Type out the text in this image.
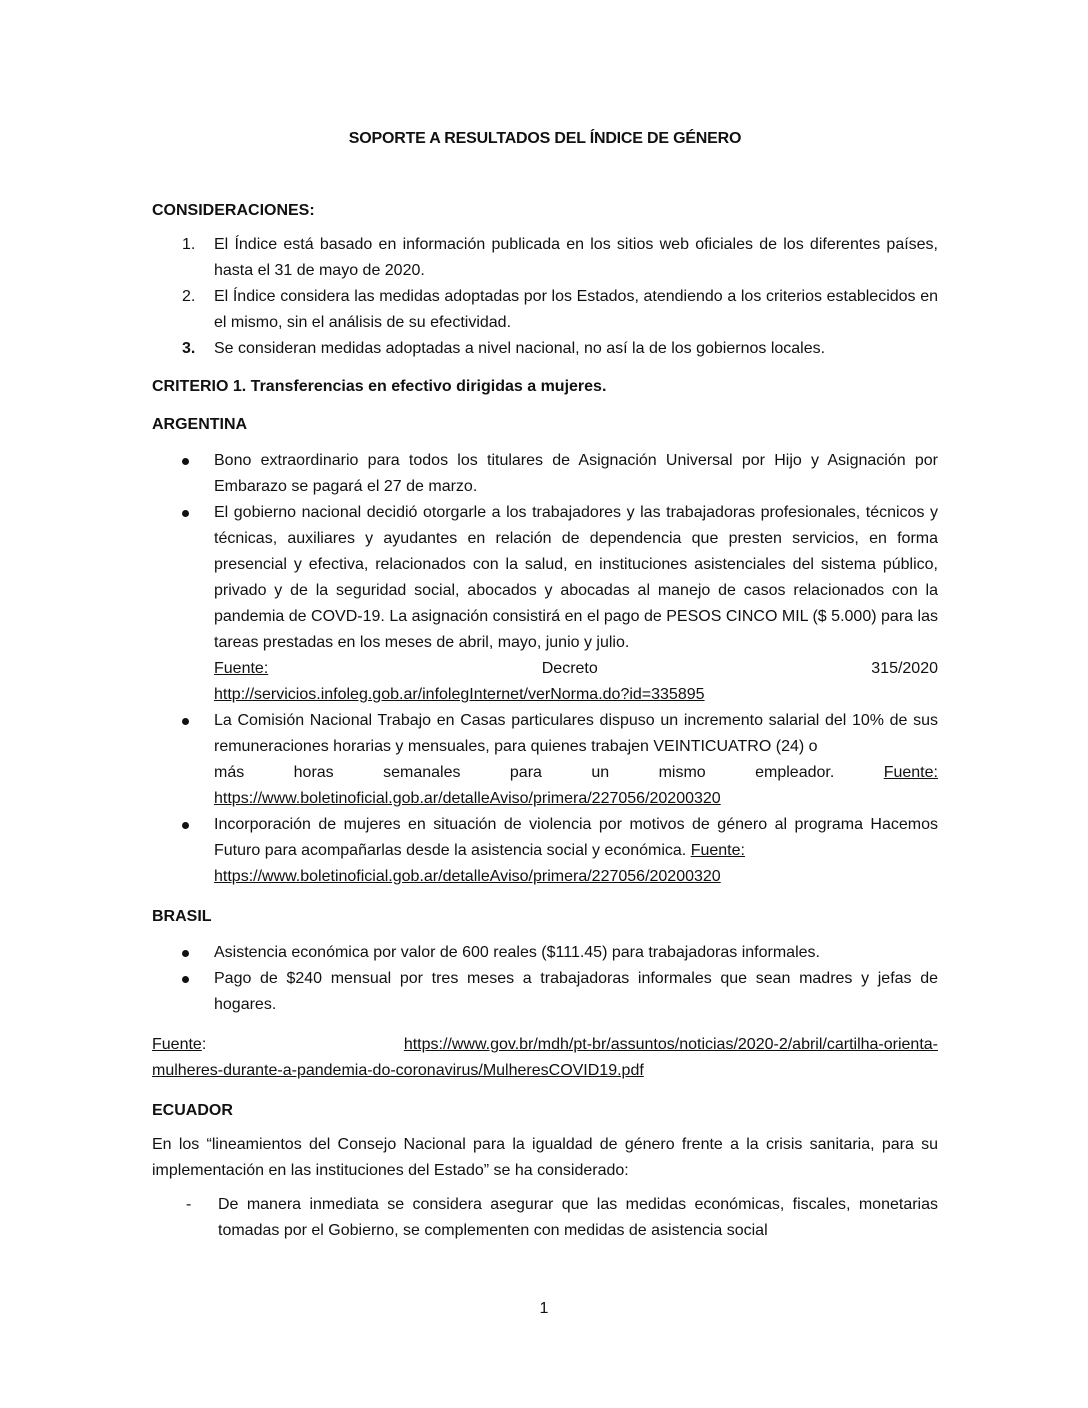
SOPORTE A RESULTADOS DEL ÍNDICE DE GÉNERO

CONSIDERACIONES:

1. El Índice está basado en información publicada en los sitios web oficiales de los diferentes países, hasta el 31 de mayo de 2020.
2. El Índice considera las medidas adoptadas por los Estados, atendiendo a los criterios establecidos en el mismo, sin el análisis de su efectividad.
3. Se consideran medidas adoptadas a nivel nacional, no así la de los gobiernos locales.

CRITERIO 1. Transferencias en efectivo dirigidas a mujeres.

ARGENTINA

Bono extraordinario para todos los titulares de Asignación Universal por Hijo y Asignación por Embarazo se pagará el 27 de marzo.
El gobierno nacional decidió otorgarle a los trabajadores y las trabajadoras profesionales, técnicos y técnicas, auxiliares y ayudantes en relación de dependencia que presten servicios, en forma presencial y efectiva, relacionados con la salud, en instituciones asistenciales del sistema público, privado y de la seguridad social, abocados y abocadas al manejo de casos relacionados con la pandemia de COVD-19. La asignación consistirá en el pago de PESOS CINCO MIL ($ 5.000) para las tareas prestadas en los meses de abril, mayo, junio y julio.
Fuente:	Decreto	315/2020
http://servicios.infoleg.gob.ar/infolegInternet/verNorma.do?id=335895
La Comisión Nacional Trabajo en Casas particulares dispuso un incremento salarial del 10% de sus remuneraciones horarias y mensuales, para quienes trabajen VEINTICUATRO (24) o
más	horas	semanales	para	un	mismo	empleador.	Fuente:
https://www.boletinoficial.gob.ar/detalleAviso/primera/227056/20200320
Incorporación de mujeres en situación de violencia por motivos de género al programa Hacemos Futuro para acompañarlas desde la asistencia social y económica. Fuente:
https://www.boletinoficial.gob.ar/detalleAviso/primera/227056/20200320

BRASIL

Asistencia económica por valor de 600 reales ($111.45) para trabajadoras informales.
Pago de $240 mensual por tres meses a trabajadoras informales que sean madres y jefas de hogares.
Fuente:	https://www.gov.br/mdh/pt-br/assuntos/noticias/2020-2/abril/cartilha-orienta-
mulheres-durante-a-pandemia-do-coronavirus/MulheresCOVID19.pdf

ECUADOR

En los “lineamientos del Consejo Nacional para la igualdad de género frente a la crisis sanitaria, para su implementación en las instituciones del Estado” se ha considerado:

- De manera inmediata se considera asegurar que las medidas económicas, fiscales, monetarias tomadas por el Gobierno, se complementen con medidas de asistencia social
1
